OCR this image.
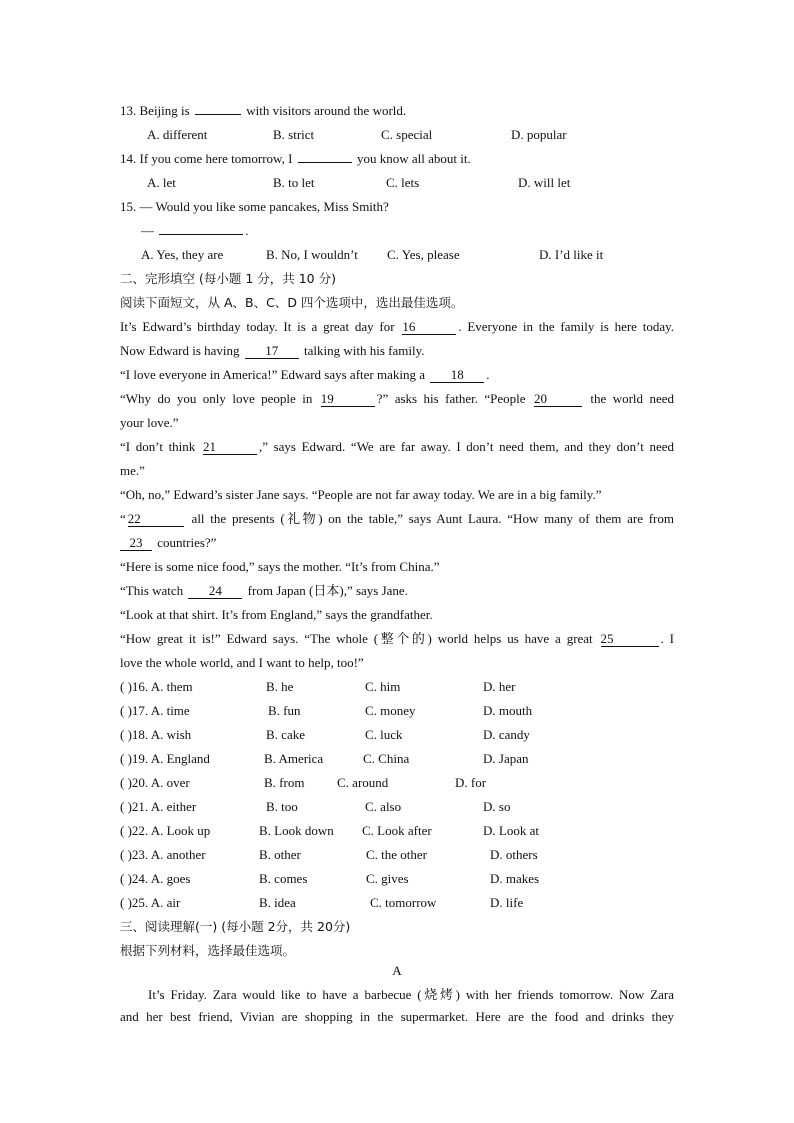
13. Beijing is	with visitors around the world.
A. different	B. strict	C. special	D. popular
14. If you come here tomorrow, I	you know all about it.
A. let	B. to let	C. lets	D. will let
15. — Would you like some pancakes, Miss Smith?
—	.
A. Yes, they are	B. No, I wouldn’t C. Yes, please	D. I’d like it
二、完形填空 (每小题 1 分，共 10 分)
阅读下面短文，从 A、B、C、D 四个选项中，选出最佳选项。
It’s Edward’s birthday today. It is a great day for 16	. Everyone in the family is here today.
Now Edward is having 17 talking with his family.
“I love everyone in America!” Edward says after making a 18 .
“Why do you only love people in 19	?” asks his father. “People 20	the world need
your love.”
“I don’t think 21	,” says Edward. “We are far away. I don’t need them, and they don’t need
me.”
“Oh, no,” Edward’s sister Jane says. “People are not far away today. We are in a big family.”
“ 22	all the presents (礼物) on the table,” says Aunt Laura. “How many of them are from
23 countries?”
“Here is some nice food,” says the mother. “It’s from China.”
“This watch 24 from Japan (日本),” says Jane.
“Look at that shirt. It’s from England,” says the grandfather.
“How great it is!” Edward says. “The whole (整个的) world helps us have a great 25	. I
love the whole world, and I want to help, too!”
( )16. A. them	B. he	C. him	D. her
( )17. A. time	B. fun	C. money	D. mouth
( )18. A. wish	B. cake	C. luck	D. candy
( )19. A. England	B. America	C. China	D. Japan
( )20. A. over	B. from	C. around	D. for
( )21. A. either	B. too	C. also	D. so
( )22. A. Look up	B. Look down C. Look after	D. Look at
( )23. A. another	B. other	C. the other	D. others
( )24. A. goes	B. comes	C. gives	D. makes
( )25. A. air	B. idea	C. tomorrow	D. life
三、阅读理解(一) (每小题 2分，共 20分)
根据下列材料，选择最佳选项。
A
It’s Friday. Zara would like to have a barbecue (烧烤) with her friends tomorrow. Now Zara
and her best friend, Vivian are shopping in the supermarket. Here are the food and drinks they
